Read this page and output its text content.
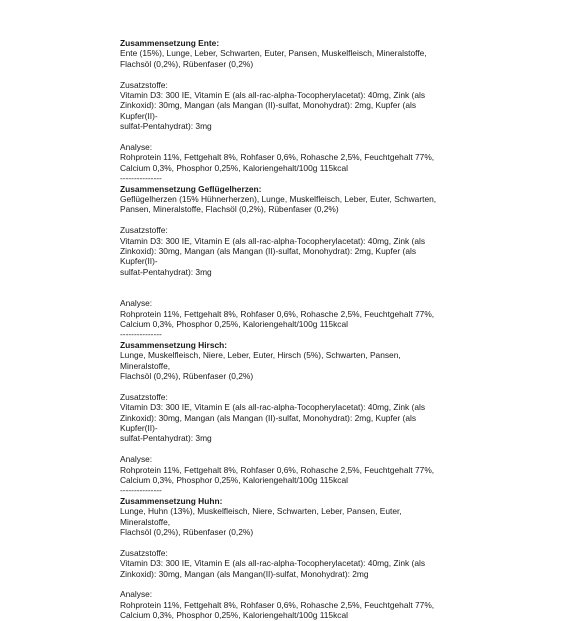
Zusammensetzung Ente:

Ente (15%), Lunge, Leber, Schwarten, Euter, Pansen, Muskelfleisch, Mineralstoffe,

Flachsöl (0,2%), Rübenfaser (0,2%)

Zusatzstoffe:

Vitamin D3: 300 IE, Vitamin E (als all-rac-alpha-Tocopherylacetat): 40mg, Zink (als

Zinkoxid): 30mg, Mangan (als Mangan (II)-sulfat, Monohydrat): 2mg, Kupfer (als Kupfer(II)-

sulfat-Pentahydrat): 3mg

Analyse:

Rohprotein 11%, Fettgehalt 8%, Rohfaser 0,6%, Rohasche 2,5%, Feuchtgehalt 77%,

Calcium 0,3%, Phosphor 0,25%, Kaloriengehalt/100g 115kcal

---------------

Zusammensetzung Geflügelherzen:

Geflügelherzen (15% Hühnerherzen), Lunge, Muskelfleisch, Leber, Euter, Schwarten,

Pansen, Mineralstoffe, Flachsöl (0,2%), Rübenfaser (0,2%)

Zusatzstoffe:

Vitamin D3: 300 IE, Vitamin E (als all-rac-alpha-Tocopherylacetat): 40mg, Zink (als

Zinkoxid): 30mg, Mangan (als Mangan (II)-sulfat, Monohydrat): 2mg, Kupfer (als Kupfer(II)-

sulfat-Pentahydrat): 3mg

Analyse:

Rohprotein 11%, Fettgehalt 8%, Rohfaser 0,6%, Rohasche 2,5%, Feuchtgehalt 77%,

Calcium 0,3%, Phosphor 0,25%, Kaloriengehalt/100g 115kcal

---------------

Zusammensetzung Hirsch:

Lunge, Muskelfleisch, Niere, Leber, Euter, Hirsch (5%), Schwarten, Pansen, Mineralstoffe,

Flachsöl (0,2%), Rübenfaser (0,2%)

Zusatzstoffe:

Vitamin D3: 300 IE, Vitamin E (als all-rac-alpha-Tocopherylacetat): 40mg, Zink (als

Zinkoxid): 30mg, Mangan (als Mangan (II)-sulfat, Monohydrat): 2mg, Kupfer (als Kupfer(II)-

sulfat-Pentahydrat): 3mg

Analyse:

Rohprotein 11%, Fettgehalt 8%, Rohfaser 0,6%, Rohasche 2,5%, Feuchtgehalt 77%,

Calcium 0,3%, Phosphor 0,25%, Kaloriengehalt/100g 115kcal

---------------

Zusammensetzung Huhn:

Lunge, Huhn (13%), Muskelfleisch, Niere, Schwarten, Leber, Pansen, Euter, Mineralstoffe,

Flachsöl (0,2%), Rübenfaser (0,2%)

Zusatzstoffe:

Vitamin D3: 300 IE, Vitamin E (als all-rac-alpha-Tocopherylacetat): 40mg, Zink (als

Zinkoxid): 30mg, Mangan (als Mangan(II)-sulfat, Monohydrat): 2mg

Analyse:

Rohprotein 11%, Fettgehalt 8%, Rohfaser 0,6%, Rohasche 2,5%, Feuchtgehalt 77%,

Calcium 0,3%, Phosphor 0,25%, Kaloriengehalt/100g 115kcal
